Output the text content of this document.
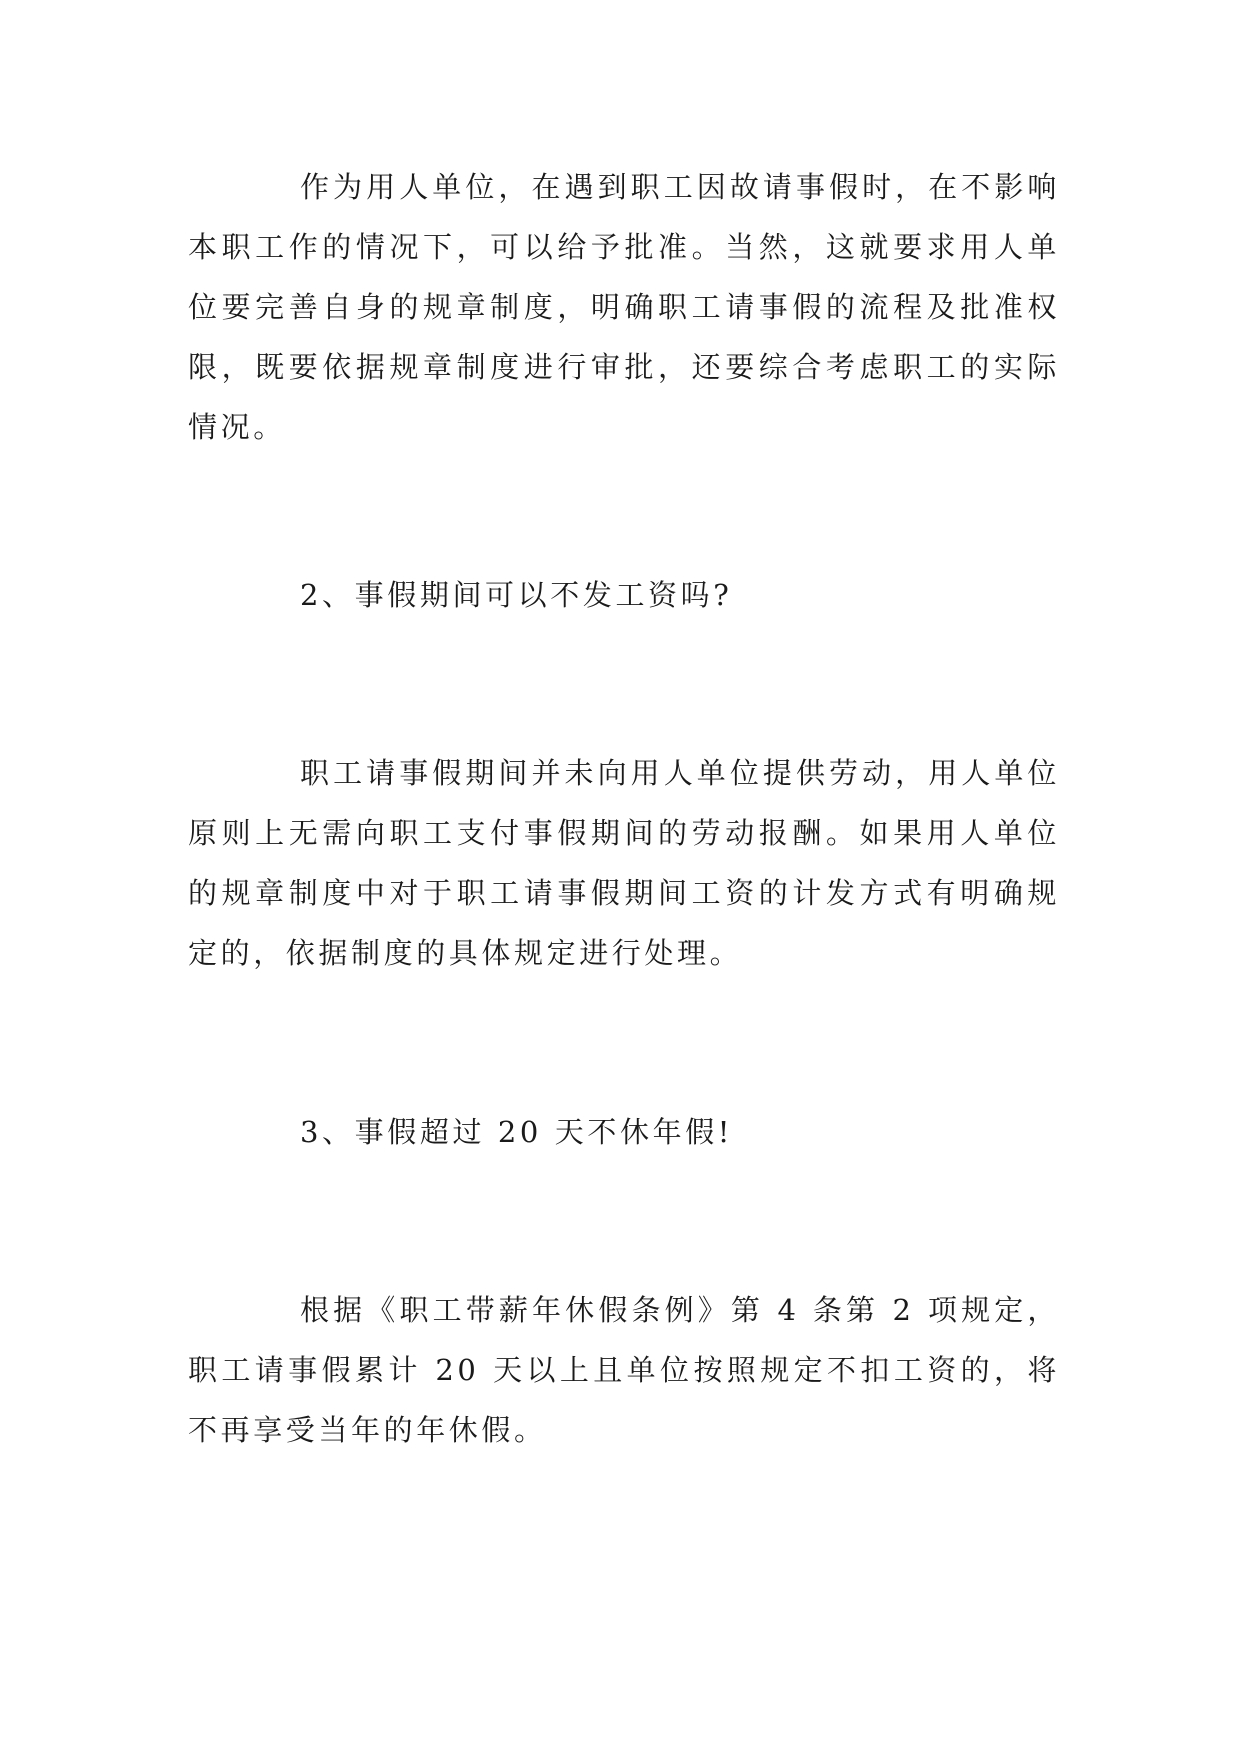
作为用人单位，在遇到职工因故请事假时，在不影响本职工作的情况下，可以给予批准。当然，这就要求用人单位要完善自身的规章制度，明确职工请事假的流程及批准权限，既要依据规章制度进行审批，还要综合考虑职工的实际情况。

2、事假期间可以不发工资吗?

职工请事假期间并未向用人单位提供劳动，用人单位原则上无需向职工支付事假期间的劳动报酬。如果用人单位的规章制度中对于职工请事假期间工资的计发方式有明确规定的，依据制度的具体规定进行处理。

3、事假超过 20 天不休年假!

根据《职工带薪年休假条例》第 4 条第 2 项规定，职工请事假累计 20 天以上且单位按照规定不扣工资的，将不再享受当年的年休假。
